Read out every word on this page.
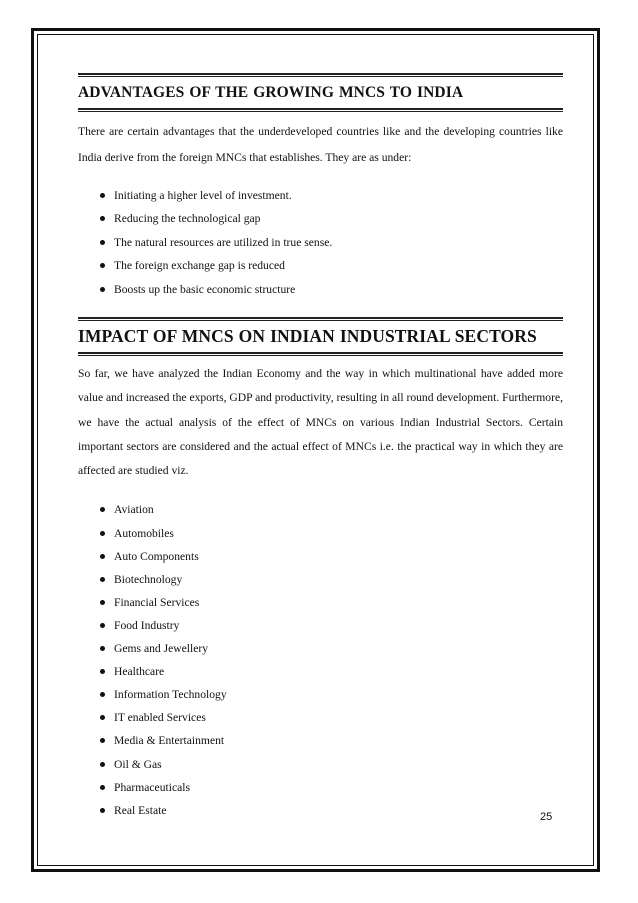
ADVANTAGES OF THE GROWING MNCS TO INDIA

There are certain advantages that the underdeveloped countries like and the developing countries like India derive from the foreign MNCs that establishes. They are as under:

Initiating a higher level of investment.
Reducing the technological gap
The natural resources are utilized in true sense.
The foreign exchange gap is reduced
Boosts up the basic economic structure
IMPACT OF MNCS ON INDIAN INDUSTRIAL SECTORS

So far, we have analyzed the Indian Economy and the way in which multinational have added more value and increased the exports, GDP and productivity, resulting in all round development. Furthermore, we have the actual analysis of the effect of MNCs on various Indian Industrial Sectors. Certain important sectors are considered and the actual effect of MNCs i.e. the practical way in which they are affected are studied viz.

Aviation
Automobiles
Auto Components
Biotechnology
Financial Services
Food Industry
Gems and Jewellery
Healthcare
Information Technology
IT enabled Services
Media & Entertainment
Oil & Gas
Pharmaceuticals
Real Estate
25
